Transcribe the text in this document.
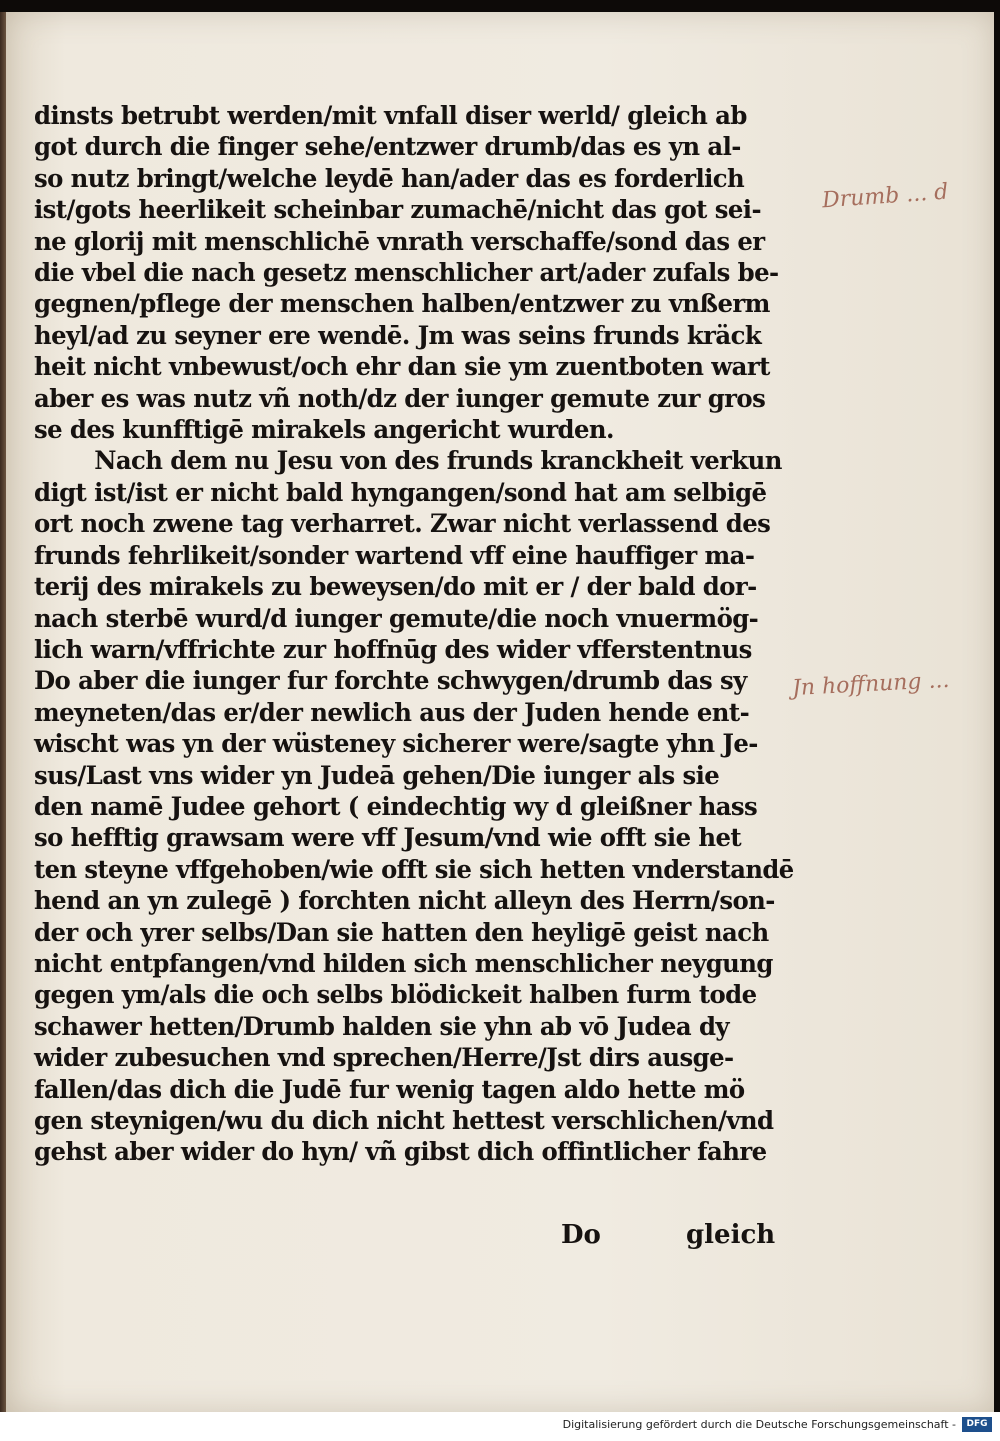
dinsts betrubt werden/mit vnfall diser werld/ gleich ab
got durch die finger sehe/entzwer drumb/das es yn al-
so nutz bringt/welche leydē han/ader das es forderlich
ist/gots heerlikeit scheinbar zumachē/nicht das got sei-
ne glorij mit menschlichē vnrath verschaffe/sond das er
die vbel die nach gesetz menschlicher art/ader zufals be-
gegnen/pflege der menschen halben/entzwer zu vnßerm
heyl/ad zu seyner ere wendē. Jm was seins frunds kräck
heit nicht vnbewust/och ehr dan sie ym zuentboten wart
aber es was nutz vñ noth/dz der iunger gemute zur gros
se des kunfftigē mirakels angericht wurden.
Nach dem nu Jesu von des frunds kranckheit verkun
digt ist/ist er nicht bald hyngangen/sond hat am selbigē
ort noch zwene tag verharret. Zwar nicht verlassend des
frunds fehrlikeit/sonder wartend vff eine hauffiger ma-
terij des mirakels zu beweysen/do mit er / der bald dor-
nach sterbē wurd/d iunger gemute/die noch vnuermög-
lich warn/vffrichte zur hoffnūg des wider vfferstentnus
Do aber die iunger fur forchte schwygen/drumb das sy
meyneten/das er/der newlich aus der Juden hende ent-
wischt was yn der wüsteney sicherer were/sagte yhn Je-
sus/Last vns wider yn Judeā gehen/Die iunger als sie
den namē Judee gehort ( eindechtig wy d gleißner hass
so hefftig grawsam were vff Jesum/vnd wie offt sie het
ten steyne vffgehoben/wie offt sie sich hetten vnderstandē
hend an yn zulegē ) forchten nicht alleyn des Herrn/son-
der och yrer selbs/Dan sie hatten den heyligē geist nach
nicht entpfangen/vnd hilden sich menschlicher neygung
gegen ym/als die och selbs blödickeit halben furm tode
schawer hetten/Drumb halden sie yhn ab vō Judea dy
wider zubesuchen vnd sprechen/Herre/Jst dirs ausge-
fallen/das dich die Judē fur wenig tagen aldo hette mö
gen steynigen/wu du dich nicht hettest verschlichen/vnd
gehst aber wider do hyn/ vñ gibst dich offintlicher fahre
Do	gleich
Drumb ... d
Jn hoffnung ...
Digitalisierung gefördert durch die Deutsche Forschungsgemeinschaft -	DFG
